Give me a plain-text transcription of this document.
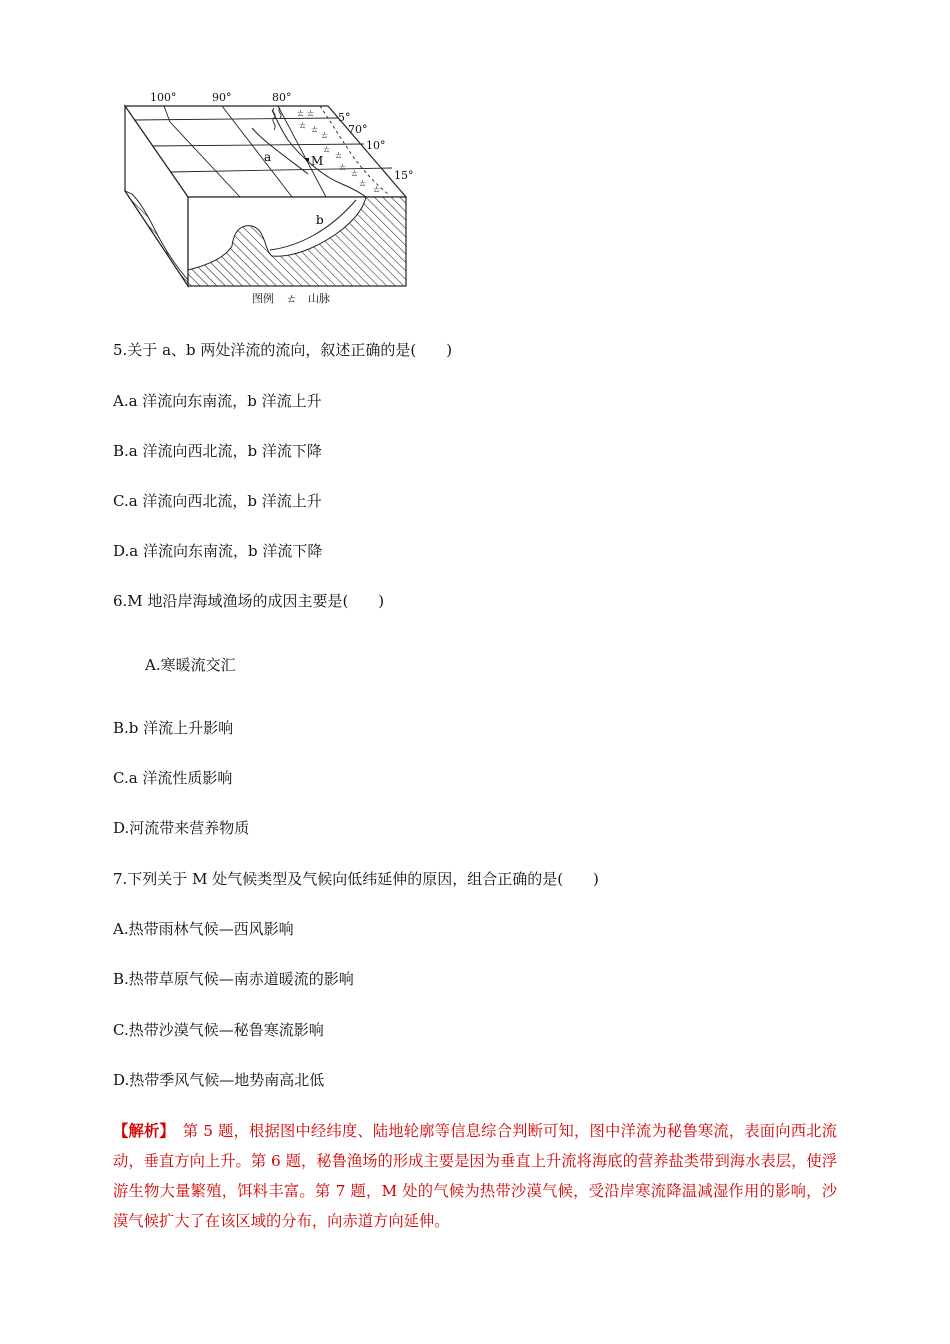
ㄊ ㄊ
ㄊ ㄊ
ㄊ
ㄊ
ㄊ
ㄊ
ㄊ
ㄊ
ㄊ
100°	90°	80°
70°
5°
10°
15°
a	M
b
图例 ㄊ 山脉
5.关于 a、b 两处洋流的流向，叙述正确的是(　　)
A.a 洋流向东南流，b 洋流上升
B.a 洋流向西北流，b 洋流下降
C.a 洋流向西北流，b 洋流上升
D.a 洋流向东南流，b 洋流下降
6.M 地沿岸海域渔场的成因主要是(　　)
A.寒暖流交汇
B.b 洋流上升影响
C.a 洋流性质影响
D.河流带来营养物质
7.下列关于 M 处气候类型及气候向低纬延伸的原因，组合正确的是(　　)
A.热带雨林气候—西风影响
B.热带草原气候—南赤道暖流的影响
C.热带沙漠气候—秘鲁寒流影响
D.热带季风气候—地势南高北低
【解析】　第 5 题，根据图中经纬度、陆地轮廓等信息综合判断可知，图中洋流为秘鲁寒流，表面向西北流动，垂直方向上升。第 6 题，秘鲁渔场的形成主要是因为垂直上升流将海底的营养盐类带到海水表层，使浮游生物大量繁殖，饵料丰富。第 7 题，M 处的气候为热带沙漠气候，受沿岸寒流降温减湿作用的影响，沙漠气候扩大了在该区域的分布，向赤道方向延伸。
